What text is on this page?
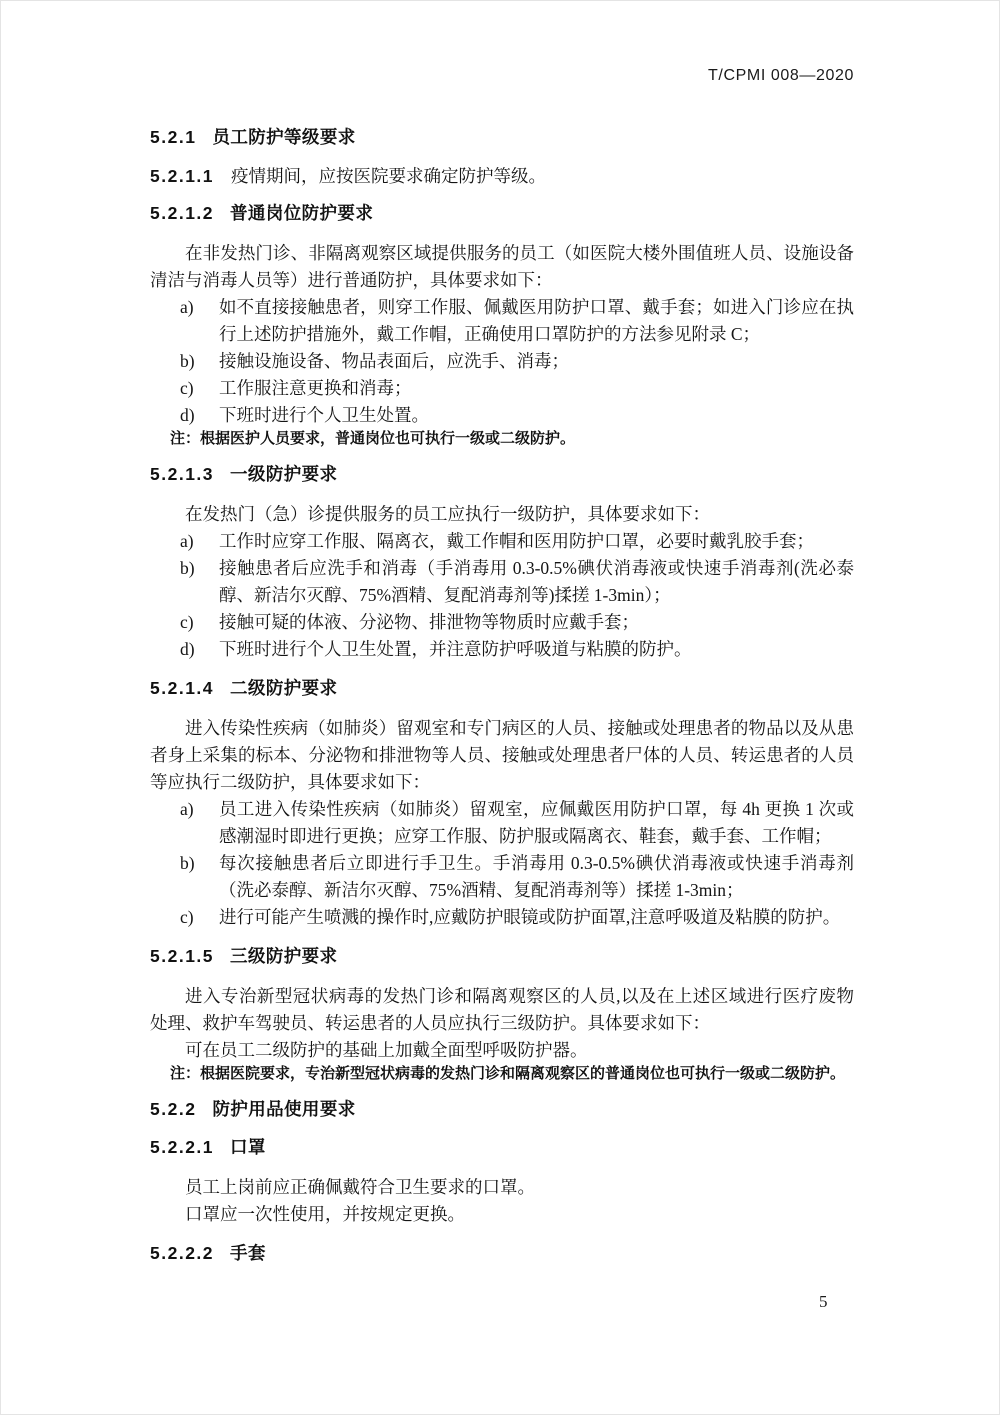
T/CPMI 008—2020
5.2.1 员工防护等级要求

5.2.1.1 疫情期间，应按医院要求确定防护等级。

5.2.1.2 普通岗位防护要求

在非发热门诊、非隔离观察区域提供服务的员工（如医院大楼外围值班人员、设施设备清洁与消毒人员等）进行普通防护，具体要求如下：

a) 如不直接接触患者，则穿工作服、佩戴医用防护口罩、戴手套；如进入门诊应在执行上述防护措施外，戴工作帽，正确使用口罩防护的方法参见附录 C；
b) 接触设施设备、物品表面后，应洗手、消毒；
c) 工作服注意更换和消毒；
d) 下班时进行个人卫生处置。

注：根据医护人员要求，普通岗位也可执行一级或二级防护。

5.2.1.3 一级防护要求

在发热门（急）诊提供服务的员工应执行一级防护，具体要求如下：

a) 工作时应穿工作服、隔离衣，戴工作帽和医用防护口罩，必要时戴乳胶手套；
b) 接触患者后应洗手和消毒（手消毒用 0.3-0.5%碘伏消毒液或快速手消毒剂(洗必泰醇、新洁尔灭醇、75%酒精、复配消毒剂等)揉搓 1-3min）；
c) 接触可疑的体液、分泌物、排泄物等物质时应戴手套；
d) 下班时进行个人卫生处置，并注意防护呼吸道与粘膜的防护。
5.2.1.4 二级防护要求

进入传染性疾病（如肺炎）留观室和专门病区的人员、接触或处理患者的物品以及从患者身上采集的标本、分泌物和排泄物等人员、接触或处理患者尸体的人员、转运患者的人员等应执行二级防护，具体要求如下：

a) 员工进入传染性疾病（如肺炎）留观室，应佩戴医用防护口罩，每 4h 更换 1 次或感潮湿时即进行更换；应穿工作服、防护服或隔离衣、鞋套，戴手套、工作帽；
b) 每次接触患者后立即进行手卫生。手消毒用 0.3-0.5%碘伏消毒液或快速手消毒剂（洗必泰醇、新洁尔灭醇、75%酒精、复配消毒剂等）揉搓 1-3min；
c) 进行可能产生喷溅的操作时,应戴防护眼镜或防护面罩,注意呼吸道及粘膜的防护。
5.2.1.5 三级防护要求

进入专治新型冠状病毒的发热门诊和隔离观察区的人员,以及在上述区域进行医疗废物处理、救护车驾驶员、转运患者的人员应执行三级防护。具体要求如下：

可在员工二级防护的基础上加戴全面型呼吸防护器。

注：根据医院要求，专治新型冠状病毒的发热门诊和隔离观察区的普通岗位也可执行一级或二级防护。

5.2.2 防护用品使用要求
5.2.2.1 口罩

员工上岗前应正确佩戴符合卫生要求的口罩。

口罩应一次性使用，并按规定更换。

5.2.2.2 手套
5
